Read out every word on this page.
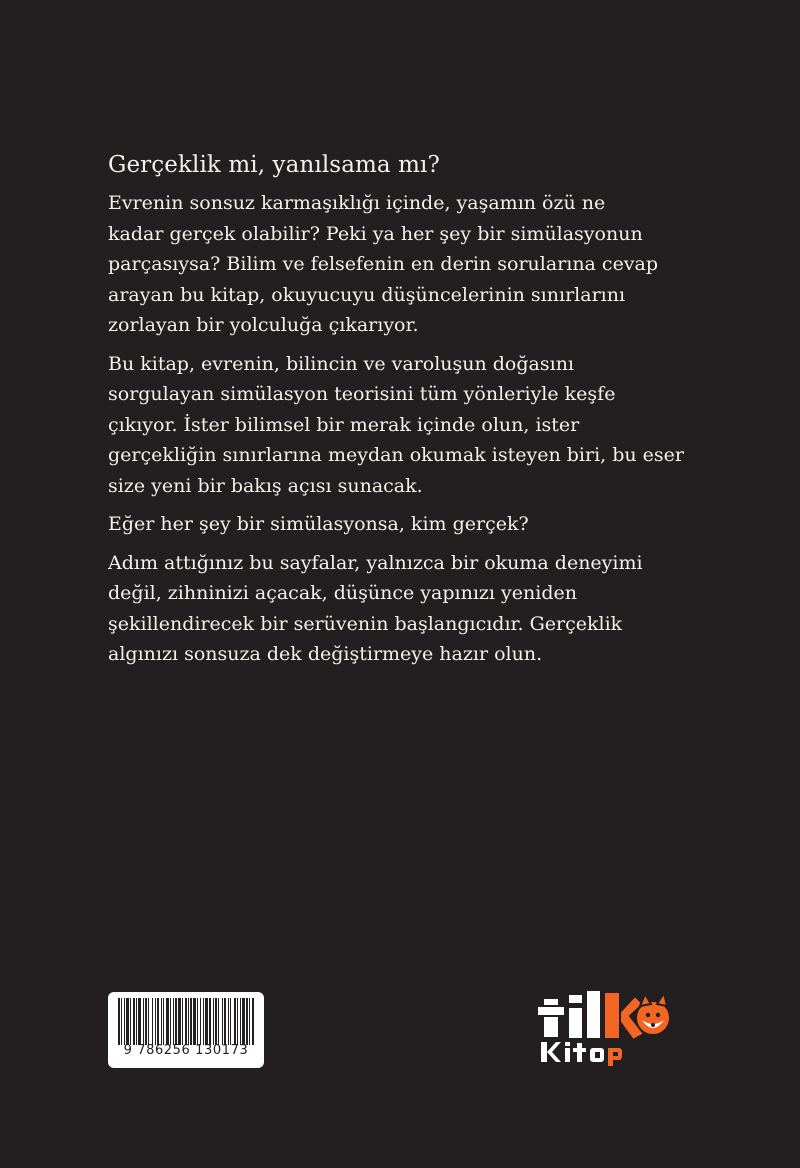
Gerçeklik mi, yanılsama mı?

Evrenin sonsuz karmaşıklığı içinde, yaşamın özü ne
kadar gerçek olabilir? Peki ya her şey bir simülasyonun
parçasıysa? Bilim ve felsefenin en derin sorularına cevap
arayan bu kitap, okuyucuyu düşüncelerinin sınırlarını
zorlayan bir yolculuğa çıkarıyor.

Bu kitap, evrenin, bilincin ve varoluşun doğasını
sorgulayan simülasyon teorisini tüm yönleriyle keşfe
çıkıyor. İster bilimsel bir merak içinde olun, ister
gerçekliğin sınırlarına meydan okumak isteyen biri, bu eser
size yeni bir bakış açısı sunacak.

Eğer her şey bir simülasyonsa, kim gerçek?

Adım attığınız bu sayfalar, yalnızca bir okuma deneyimi
değil, zihninizi açacak, düşünce yapınızı yeniden
şekillendirecek bir serüvenin başlangıcıdır. Gerçeklik
algınızı sonsuza dek değiştirmeye hazır olun.

9 786256 130173
